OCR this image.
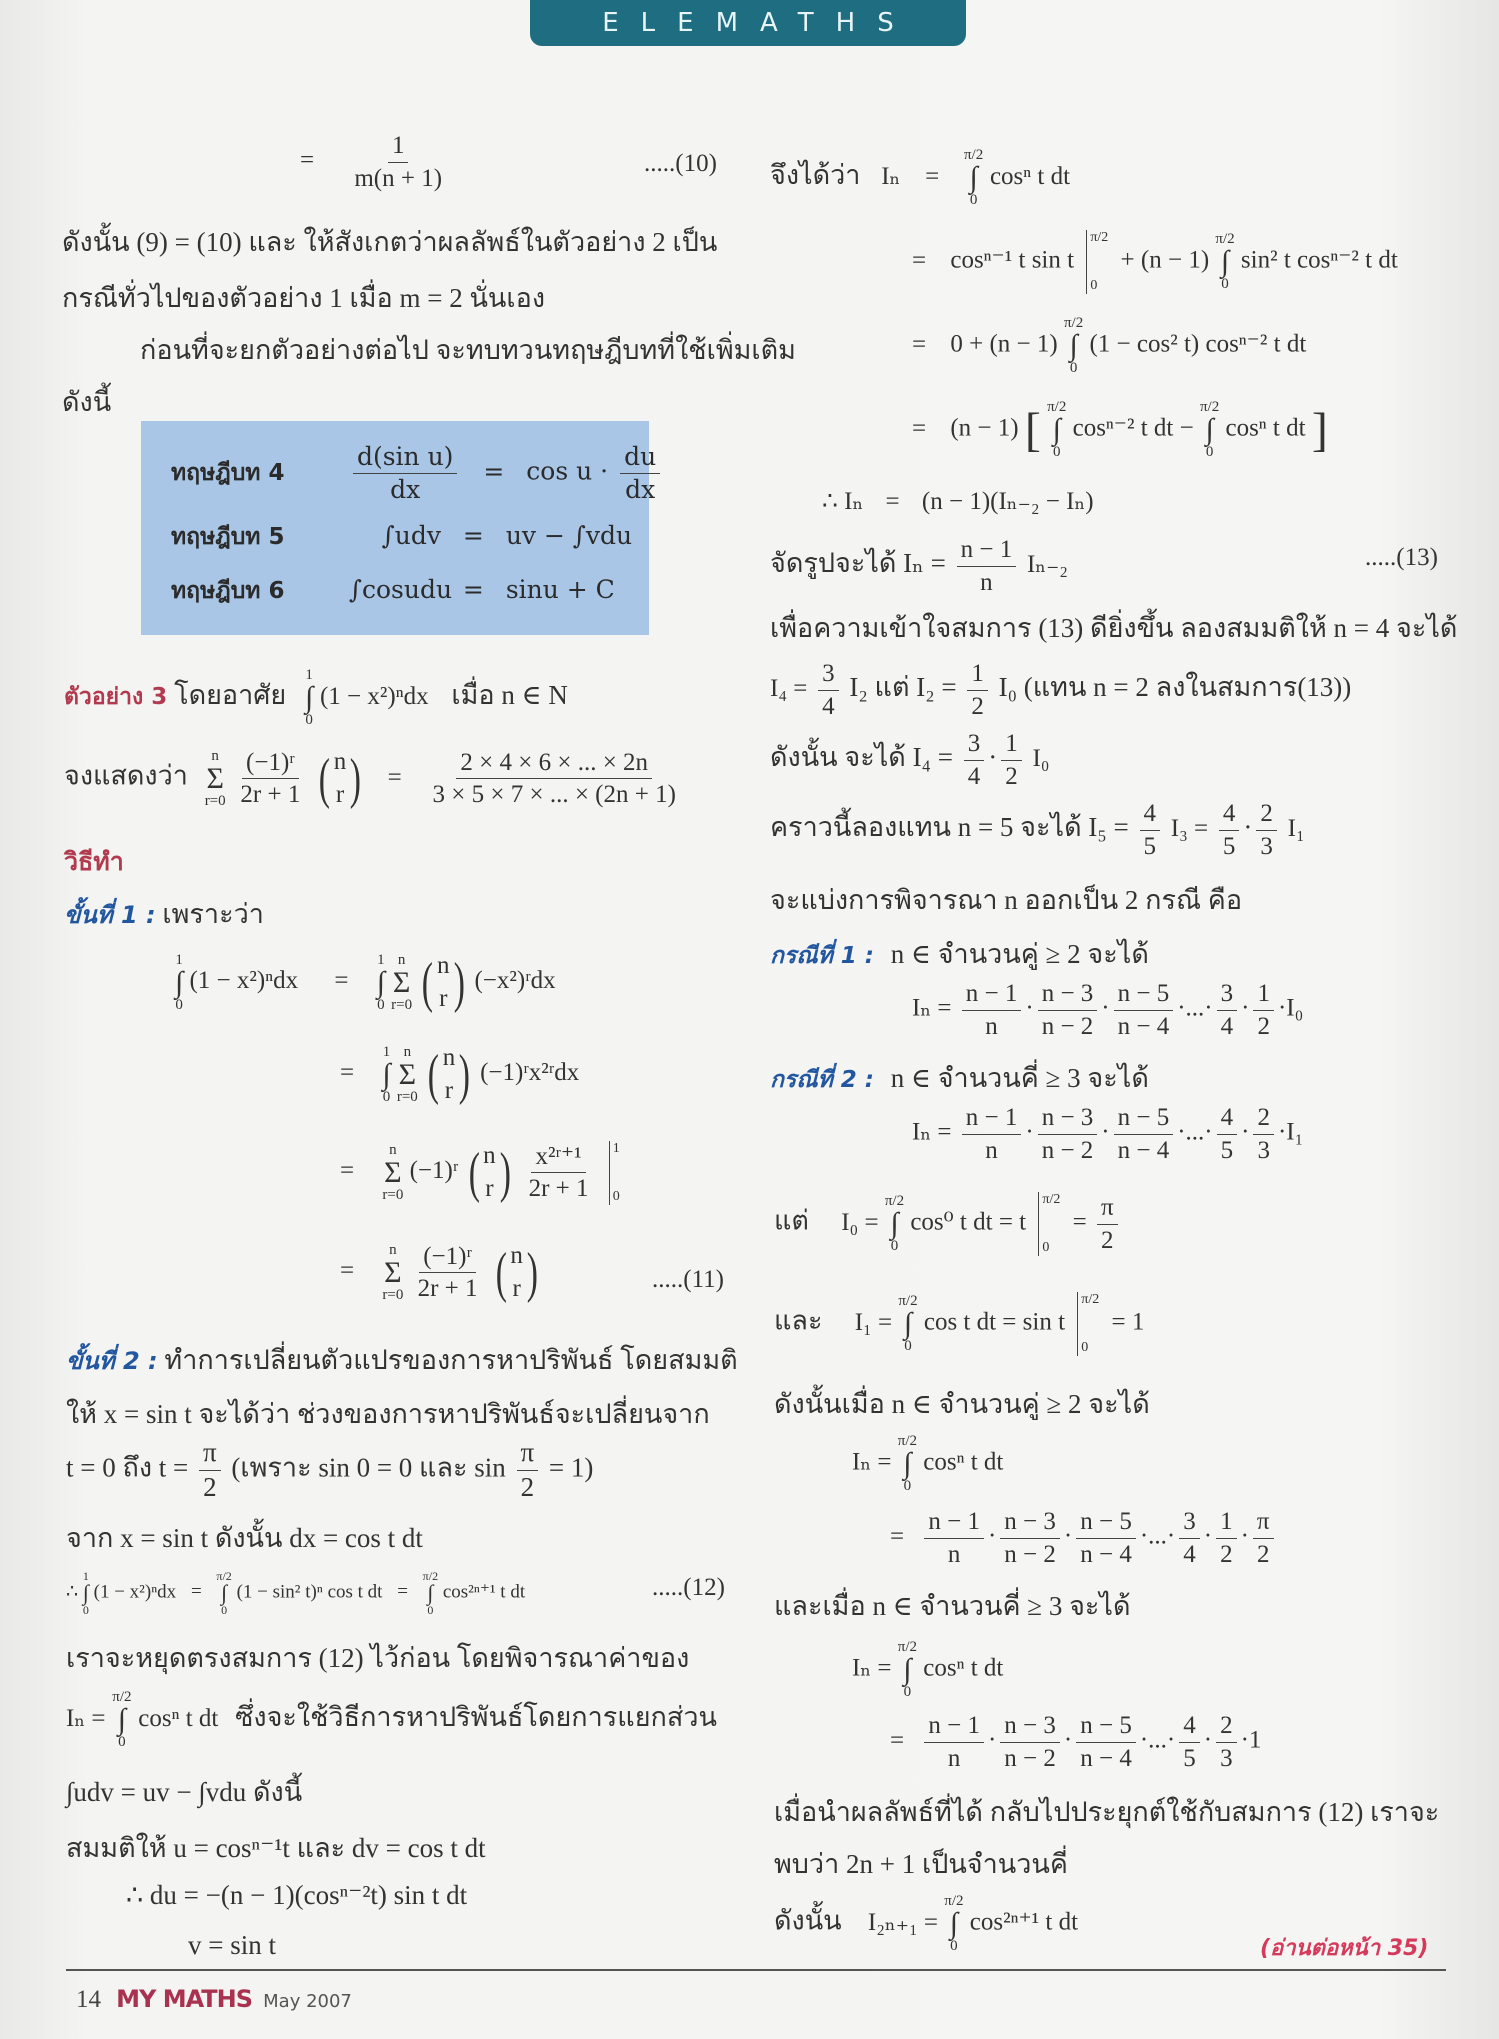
ELEMATHS
= $\frac{1}{m(n + 1)}$	.....(10)
ดังนั้น (9) = (10) และ ให้สังเกตว่าผลลัพธ์ในตัวอย่าง 2 เป็น
กรณีทั่วไปของตัวอย่าง 1 เมื่อ m = 2 นั่นเอง
ก่อนที่จะยกตัวอย่างต่อไป จะทบทวนทฤษฎีบทที่ใช้เพิ่มเติม
ดังนี้
ทฤษฎีบท 4	$\frac{\text{d(sin u)}}{dx} = \cos u \cdot \frac{du}{dx}$
ทฤษฎีบท 5	∫udv = uv − ∫vdu
ทฤษฎีบท 6	∫cosudu = sinu + C
ตัวอย่าง 3 โดยอาศัย
1
∫
0
(1 − x²)ⁿdx เมื่อ n ∈ N
จงแสดงว่า
n
Σ
r=0
$\frac{\text{(−1)ʳ}}{2r + 1}$
( n
r ) = $\frac{2 \times 4 \times 6 \times ... \times 2n}{3 \times 5 \times 7 \times ... \times (2n + 1)}$
วิธีทำ
ขั้นที่ 1 : เพราะว่า
1
∫
0
(1 − x²)ⁿdx =
1
∫
0

n
Σ
r=0
( n
r ) (−x²)ʳdx
=
1
∫
0

n
Σ
r=0
( n
r ) (−1)ʳx²ʳdx
=
n
Σ
r=0
(−1)ʳ ( n
r )
$\frac{\text{x²ʳ⁺¹}}{2r + 1}$
1
0
=
n
Σ
r=0
$\frac{\text{(−1)ʳ}}{2r + 1}$
( n
r )	.....(11)
ขั้นที่ 2 : ทำการเปลี่ยนตัวแปรของการหาปริพันธ์ โดยสมมติ
ให้ x = sin t จะได้ว่า ช่วงของการหาปริพันธ์จะเปลี่ยนจาก
t = 0 ถึง $t = \frac{\pi}{2}$ (เพราะ sin 0 = 0 และ $\sin \frac{\pi}{2} = 1$)
จาก x = sin t ดังนั้น dx = cos t dt
∴
1
∫
0
(1 − x²)ⁿdx =
π/2
∫
0
(1 − sin² t)ⁿ cos t dt =
π/2
∫
0
cos²ⁿ⁺¹ t dt	.....(12)
เราจะหยุดตรงสมการ (12) ไว้ก่อน โดยพิจารณาค่าของ
Iₙ =
π/2
∫
0
cosⁿ t dt ซึ่งจะใช้วิธีการหาปริพันธ์โดยการแยกส่วน
∫udv = uv − ∫vdu ดังนี้
สมมติให้ u = cosⁿ⁻¹t และ dv = cos t dt
∴ du = −(n − 1)(cosⁿ⁻²t) sin t dt
v = sin t
จึงได้ว่า Iₙ =
π/2
∫
0
cosⁿ t dt
= cosⁿ⁻¹ t sin t
π/2
0
+ (n − 1)
π/2
∫
0
sin² t cosⁿ⁻² t dt
= 0 + (n − 1)
π/2
∫
0
(1 − cos² t) cosⁿ⁻² t dt
= (n − 1) [ π/2
∫
0
cosⁿ⁻² t dt −
π/2
∫
0
cosⁿ t dt ]
∴ Iₙ = (n − 1)(Iₙ₋₂ − Iₙ)
จัดรูปจะได้ $I_n = \frac{n - 1}{n} I_{n-2}$	.....(13)
เพื่อความเข้าใจสมการ (13) ดียิ่งขึ้น ลองสมมติให้ n = 4 จะได้
$I_4 = \frac{3}{4} I_2$ แต่ $I_2 = \frac{1}{2} I_0$ (แทน n = 2 ลงในสมการ(13))
ดังนั้น จะได้ $I_4 = \frac{3}{4} \cdot \frac{1}{2} I_0$
คราวนี้ลองแทน n = 5 จะได้ $I_5 = \frac{4}{5} I_3 = \frac{4}{5} \cdot \frac{2}{3} I_1$
จะแบ่งการพิจารณา n ออกเป็น 2 กรณี คือ
กรณีที่ 1 : n ∈ จำนวนคู่ ≥ 2 จะได้
$I_n = \frac{n - 1}{n} \cdot \frac{n - 3}{n - 2} \cdot \frac{n - 5}{n - 4}$ ·...· $\frac{3}{4} \cdot \frac{1}{2} \cdot I_0$
กรณีที่ 2 : n ∈ จำนวนคี่ ≥ 3 จะได้
$I_n = \frac{n - 1}{n} \cdot \frac{n - 3}{n - 2} \cdot \frac{n - 5}{n - 4}$ ·...· $\frac{4}{5} \cdot \frac{2}{3} \cdot I_1$
แต่ I₀ =
π/2
∫
0
cos⁰ t dt = t
π/2
0
= $\frac{\pi}{2}$
และ I₁ =
π/2
∫
0
cos t dt = sin t
π/2
0
= 1
ดังนั้นเมื่อ n ∈ จำนวนคู่ ≥ 2 จะได้
Iₙ =
π/2
∫
0
cosⁿ t dt
= $\frac{n - 1}{n} \cdot \frac{n - 3}{n - 2} \cdot \frac{n - 5}{n - 4}$ ·...· $\frac{3}{4} \cdot \frac{1}{2} \cdot \frac{\pi}{2}$
และเมื่อ n ∈ จำนวนคี่ ≥ 3 จะได้
Iₙ =
π/2
∫
0
cosⁿ t dt
= $\frac{n - 1}{n} \cdot \frac{n - 3}{n - 2} \cdot \frac{n - 5}{n - 4}$ ·...· $\frac{4}{5} \cdot \frac{2}{3} \cdot 1$
เมื่อนำผลลัพธ์ที่ได้ กลับไปประยุกต์ใช้กับสมการ (12) เราจะ
พบว่า 2n + 1 เป็นจำนวนคี่
ดังนั้น I₂ₙ₊₁ =
π/2
∫
0
cos²ⁿ⁺¹ t dt
(อ่านต่อหน้า 35)
14 MY MATHS May 2007
